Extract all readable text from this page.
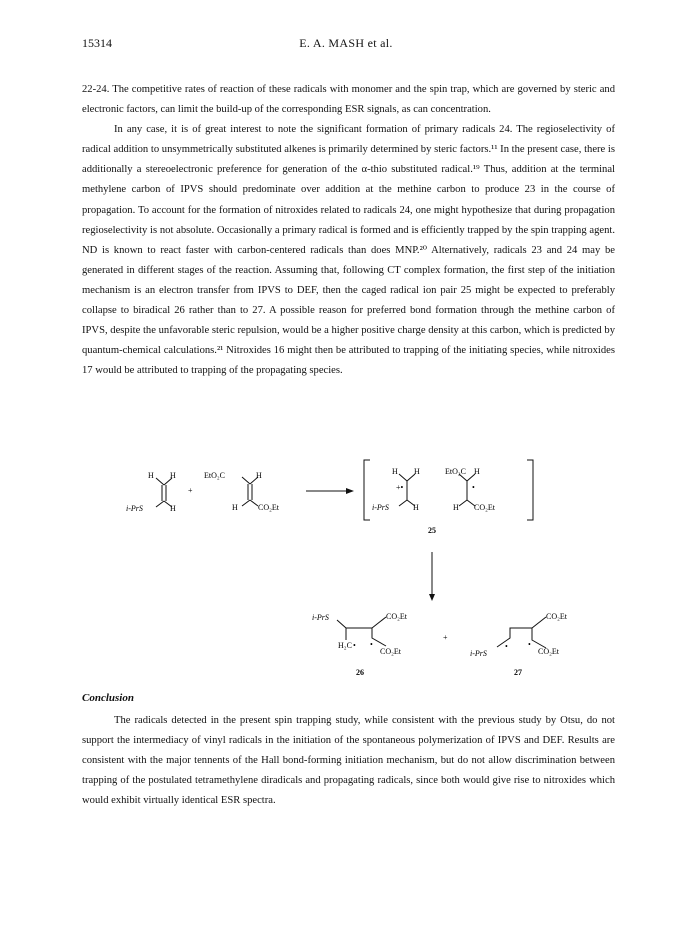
15314	E. A. MASH et al.

22-24. The competitive rates of reaction of these radicals with monomer and the spin trap, which are governed by steric and electronic factors, can limit the build-up of the corresponding ESR signals, as can concentration.

In any case, it is of great interest to note the significant formation of primary radicals 24. The regioselectivity of radical addition to unsymmetrically substituted alkenes is primarily determined by steric factors.¹¹ In the present case, there is additionally a stereoelectronic preference for generation of the α-thio substituted radical.¹⁹ Thus, addition at the terminal methylene carbon of IPVS should predominate over addition at the methine carbon to produce 23 in the course of propagation. To account for the formation of nitroxides related to radicals 24, one might hypothesize that during propagation regioselectivity is not absolute. Occasionally a primary radical is formed and is efficiently trapped by the spin trapping agent. ND is known to react faster with carbon-centered radicals than does MNP.²⁰ Alternatively, radicals 23 and 24 may be generated in different stages of the reaction. Assuming that, following CT complex formation, the first step of the initiation mechanism is an electron transfer from IPVS to DEF, then the caged radical ion pair 25 might be expected to preferably collapse to biradical 26 rather than to 27. A possible reason for preferred bond formation through the methine carbon of IPVS, despite the unfavorable steric repulsion, would be a higher positive charge density at this carbon, which is predicted by quantum-chemical calculations.²¹ Nitroxides 16 might then be attributed to trapping of the initiating species, while nitroxides 17 would be attributed to trapping of the propagating species.

H H
i-PrS	H
+
EtO₂C	H
H	CO₂Et
H H
+•
i-PrS	H
EtO₂C H
•
H CO₂Et
25
i-PrS	CO₂Et
H₂C • •
CO₂Et
26
+
i-PrS
•
CO₂Et
•
CO₂Et
27
Conclusion

The radicals detected in the present spin trapping study, while consistent with the previous study by Otsu, do not support the intermediacy of vinyl radicals in the initiation of the spontaneous polymerization of IPVS and DEF. Results are consistent with the major tennents of the Hall bond-forming initiation mechanism, but do not allow discrimination between trapping of the postulated tetramethylene diradicals and propagating radicals, since both would give rise to nitroxides which would exhibit virtually identical ESR spectra.
